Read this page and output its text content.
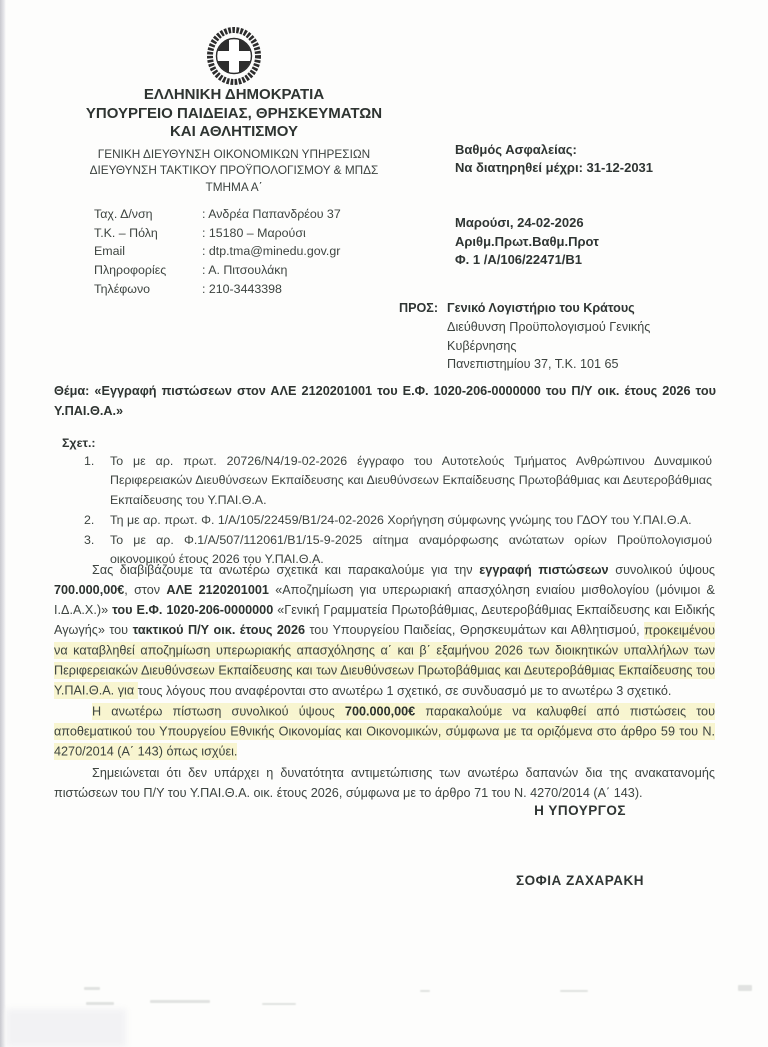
ΕΛΛΗΝΙΚΗ ΔΗΜΟΚΡΑΤΙΑ
ΥΠΟΥΡΓΕΙΟ ΠΑΙΔΕΙΑΣ, ΘΡΗΣΚΕΥΜΑΤΩΝ
ΚΑΙ ΑΘΛΗΤΙΣΜΟΥ
ΓΕΝΙΚΗ ΔΙΕΥΘΥΝΣΗ ΟΙΚΟΝΟΜΙΚΩΝ ΥΠΗΡΕΣΙΩΝ
ΔΙΕΥΘΥΝΣΗ ΤΑΚΤΙΚΟΥ ΠΡΟΫΠΟΛΟΓΙΣΜΟΥ & ΜΠΔΣ
ΤΜΗΜΑ Α΄
Βαθμός Ασφαλείας:
Να διατηρηθεί μέχρι: 31-12-2031
Ταχ. Δ/νση	: Ανδρέα Παπανδρέου 37
Τ.Κ. – Πόλη	: 15180 – Μαρούσι
Email	: dtp.tma@minedu.gov.gr
Πληροφορίες	: Α. Πιτσουλάκη
Τηλέφωνο	: 210-3443398
Μαρούσι, 24-02-2026
Αριθμ.Πρωτ.Βαθμ.Προτ
Φ. 1 /Α/106/22471/Β1
ΠΡΟΣ: Γενικό Λογιστήριο του Κράτους
Διεύθυνση Προϋπολογισμού Γενικής
Κυβέρνησης
Πανεπιστημίου 37, Τ.Κ. 101 65
Θέμα: «Εγγραφή πιστώσεων στον ΑΛΕ 2120201001 του Ε.Φ. 1020-206-0000000 του Π/Υ οικ. έτους 2026 του Υ.ΠΑΙ.Θ.Α.»
Σχετ.:
1.	Το με αρ. πρωτ. 20726/Ν4/19-02-2026 έγγραφο του Αυτοτελούς Τμήματος Ανθρώπινου Δυναμικού Περιφερειακών Διευθύνσεων Εκπαίδευσης και Διευθύνσεων Εκπαίδευσης Πρωτοβάθμιας και Δευτεροβάθμιας Εκπαίδευσης του Υ.ΠΑΙ.Θ.Α.
2.	Τη με αρ. πρωτ. Φ. 1/Α/105/22459/Β1/24-02-2026 Χορήγηση σύμφωνης γνώμης του ΓΔΟΥ του Υ.ΠΑΙ.Θ.Α.
3.	Το με αρ. Φ.1/Α/507/112061/Β1/15-9-2025 αίτημα αναμόρφωσης ανώτατων ορίων Προϋπολογισμού οικονομικού έτους 2026 του Υ.ΠΑΙ.Θ.Α.

Σας διαβιβάζουμε τα ανωτέρω σχετικά και παρακαλούμε για την εγγραφή πιστώσεων συνολικού ύψους 700.000,00€, στον ΑΛΕ 2120201001 «Αποζημίωση για υπερωριακή απασχόληση ενιαίου μισθολογίου (μόνιμοι & Ι.Δ.Α.Χ.)» του Ε.Φ. 1020-206-0000000 «Γενική Γραμματεία Πρωτοβάθμιας, Δευτεροβάθμιας Εκπαίδευσης και Ειδικής Αγωγής» του τακτικού Π/Υ οικ. έτους 2026 του Υπουργείου Παιδείας, Θρησκευμάτων και Αθλητισμού, προκειμένου να καταβληθεί αποζημίωση υπερωριακής απασχόλησης α΄ και β΄ εξαμήνου 2026 των διοικητικών υπαλλήλων των Περιφερειακών Διευθύνσεων Εκπαίδευσης και των Διευθύνσεων Πρωτοβάθμιας και Δευτεροβάθμιας Εκπαίδευσης του Υ.ΠΑΙ.Θ.Α. για τους λόγους που αναφέρονται στο ανωτέρω 1 σχετικό, σε συνδυασμό με το ανωτέρω 3 σχετικό.

Η ανωτέρω πίστωση συνολικού ύψους 700.000,00€ παρακαλούμε να καλυφθεί από πιστώσεις του αποθεματικού του Υπουργείου Εθνικής Οικονομίας και Οικονομικών, σύμφωνα με τα οριζόμενα στο άρθρο 59 του Ν. 4270/2014 (Α΄ 143) όπως ισχύει.

Σημειώνεται ότι δεν υπάρχει η δυνατότητα αντιμετώπισης των ανωτέρω δαπανών δια της ανακατανομής πιστώσεων του Π/Υ του Υ.ΠΑΙ.Θ.Α. οικ. έτους 2026, σύμφωνα με το άρθρο 71 του Ν. 4270/2014 (Α΄ 143).

Η ΥΠΟΥΡΓΟΣ
ΣΟΦΙΑ ΖΑΧΑΡΑΚΗ
